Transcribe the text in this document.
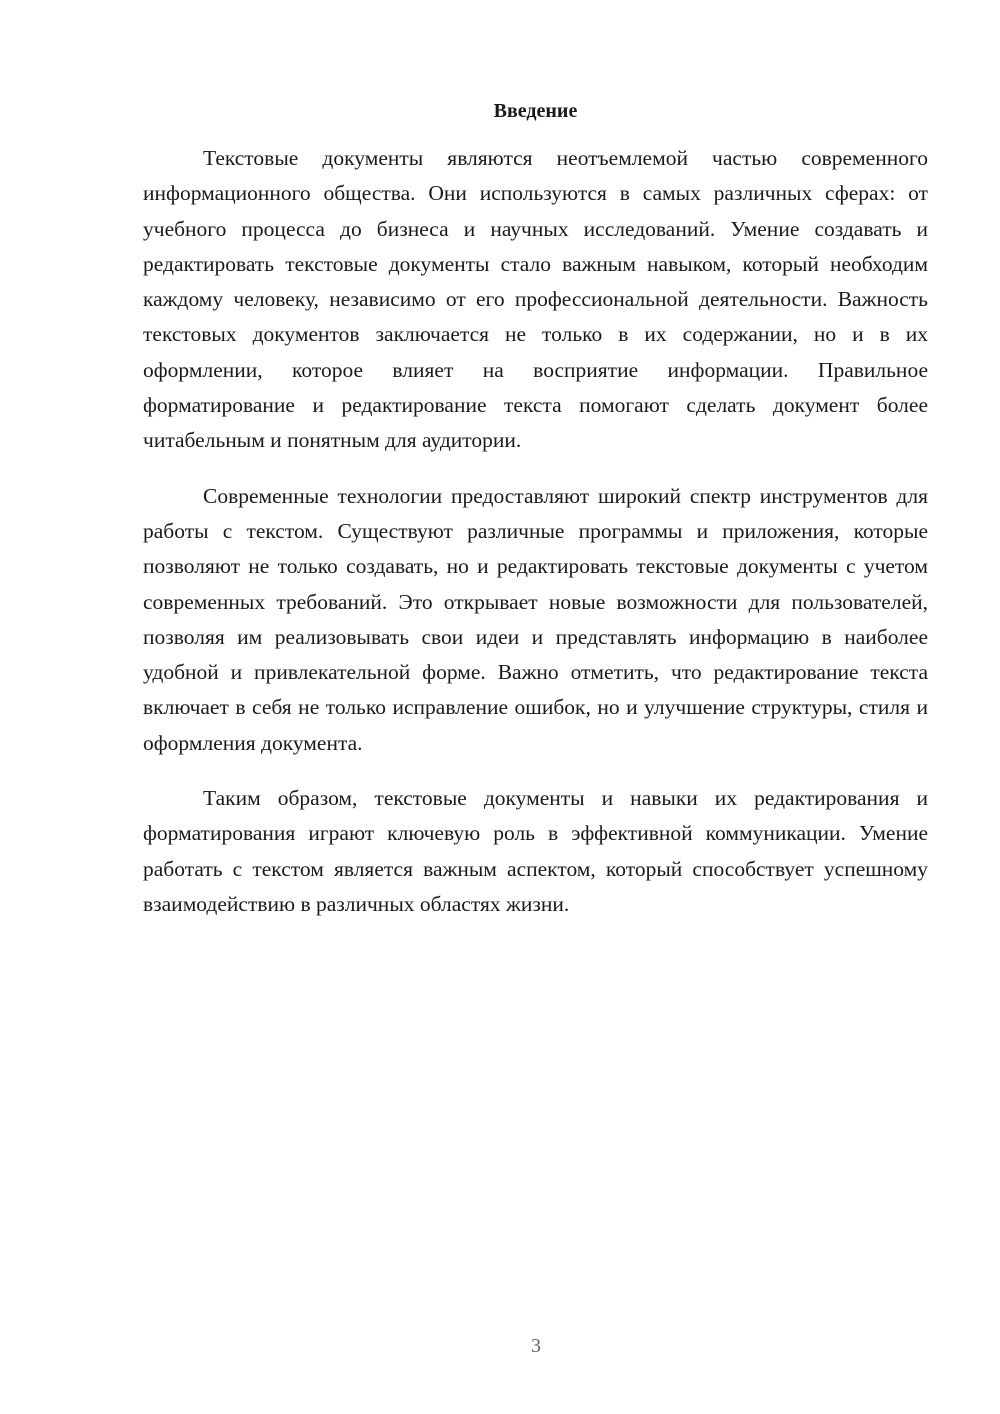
Введение

Текстовые документы являются неотъемлемой частью современного информационного общества. Они используются в самых различных сферах: от учебного процесса до бизнеса и научных исследований. Умение создавать и редактировать текстовые документы стало важным навыком, который необходим каждому человеку, независимо от его профессиональной деятельности. Важность текстовых документов заключается не только в их содержании, но и в их оформлении, которое влияет на восприятие информации. Правильное форматирование и редактирование текста помогают сделать документ более читабельным и понятным для аудитории.

Современные технологии предоставляют широкий спектр инструментов для работы с текстом. Существуют различные программы и приложения, которые позволяют не только создавать, но и редактировать текстовые документы с учетом современных требований. Это открывает новые возможности для пользователей, позволяя им реализовывать свои идеи и представлять информацию в наиболее удобной и привлекательной форме. Важно отметить, что редактирование текста включает в себя не только исправление ошибок, но и улучшение структуры, стиля и оформления документа.

Таким образом, текстовые документы и навыки их редактирования и форматирования играют ключевую роль в эффективной коммуникации. Умение работать с текстом является важным аспектом, который способствует успешному взаимодействию в различных областях жизни.

3
